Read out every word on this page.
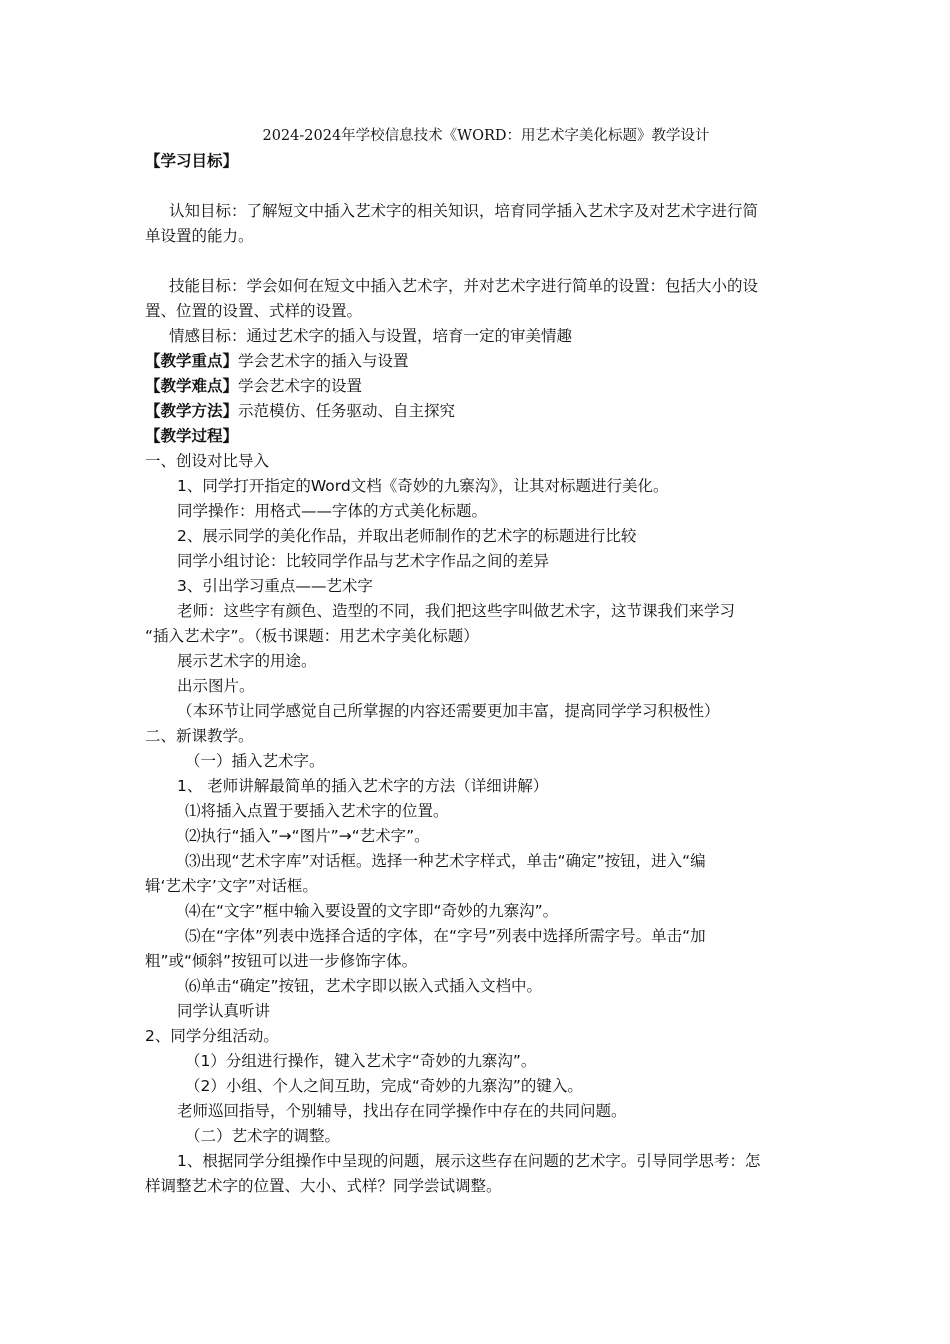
2024-2024年学校信息技术《WORD：用艺术字美化标题》教学设计
【学习目标】
认知目标：了解短文中插入艺术字的相关知识，培育同学插入艺术字及对艺术字进行简
单设置的能力。
技能目标：学会如何在短文中插入艺术字，并对艺术字进行简单的设置：包括大小的设
置、位置的设置、式样的设置。
情感目标：通过艺术字的插入与设置，培育一定的审美情趣
【教学重点】学会艺术字的插入与设置
【教学难点】学会艺术字的设置
【教学方法】示范模仿、任务驱动、自主探究
【教学过程】
一、创设对比导入
1、同学打开指定的Word文档《奇妙的九寨沟》，让其对标题进行美化。
同学操作：用格式——字体的方式美化标题。
2、展示同学的美化作品，并取出老师制作的艺术字的标题进行比较
同学小组讨论：比较同学作品与艺术字作品之间的差异
3、引出学习重点——艺术字
老师：这些字有颜色、造型的不同，我们把这些字叫做艺术字，这节课我们来学习
“插入艺术字”。（板书课题：用艺术字美化标题）
展示艺术字的用途。
出示图片。
（本环节让同学感觉自己所掌握的内容还需要更加丰富，提高同学学习积极性）
二、新课教学。
（一）插入艺术字。
1、 老师讲解最简单的插入艺术字的方法（详细讲解）
⑴将插入点置于要插入艺术字的位置。
⑵执行“插入”→“图片”→“艺术字”。
⑶出现“艺术字库”对话框。选择一种艺术字样式，单击“确定”按钮，进入“编
辑‘艺术字’文字”对话框。
⑷在“文字”框中输入要设置的文字即“奇妙的九寨沟”。
⑸在“字体”列表中选择合适的字体，在“字号”列表中选择所需字号。单击“加
粗”或“倾斜”按钮可以进一步修饰字体。
⑹单击“确定”按钮，艺术字即以嵌入式插入文档中。
同学认真听讲
2、同学分组活动。
（1）分组进行操作，键入艺术字“奇妙的九寨沟”。
（2）小组、个人之间互助，完成“奇妙的九寨沟”的键入。
老师巡回指导，个别辅导，找出存在同学操作中存在的共同问题。
（二）艺术字的调整。
1、根据同学分组操作中呈现的问题，展示这些存在问题的艺术字。引导同学思考：怎
样调整艺术字的位置、大小、式样？同学尝试调整。
